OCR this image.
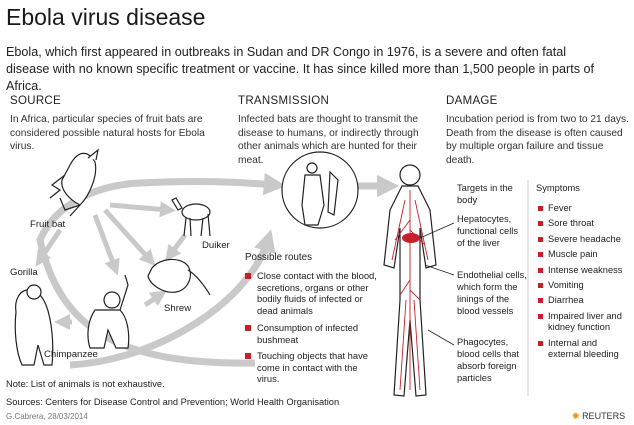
Ebola virus disease
Ebola, which first appeared in outbreaks in Sudan and DR Congo in 1976, is a severe and often fatal disease with no known specific treatment or vaccine. It has since killed more than 1,500 people in parts of Africa.
SOURCE
In Africa, particular species of fruit bats are considered possible natural hosts for Ebola virus.
TRANSMISSION
Infected bats are thought to transmit the disease to humans, or indirectly through other animals which are hunted for their meat.
DAMAGE
Incubation period is from two to 21 days. Death from the disease is often caused by multiple organ failure and tissue death.
Fruit bat
Duiker
Gorilla
Shrew
Chimpanzee
Possible routes
Close contact with the blood, secretions, organs or other bodily fluids of infected or dead animals
Consumption of infected bushmeat
Touching objects that have come in contact with the virus.
Targets in the body
Hepatocytes, functional cells of the liver
Endothelial cells, which form the linings of the blood vessels
Phagocytes, blood cells that absorb foreign particles
Symptoms
Fever
Sore throat
Severe headache
Muscle pain
Intense weakness
Vomiting
Diarrhea
Impaired liver and kidney function
Internal and external bleeding
Note: List of animals is not exhaustive.
Sources: Centers for Disease Control and Prevention; World Health Organisation
G.Cabrera, 28/03/2014	✺ REUTERS
